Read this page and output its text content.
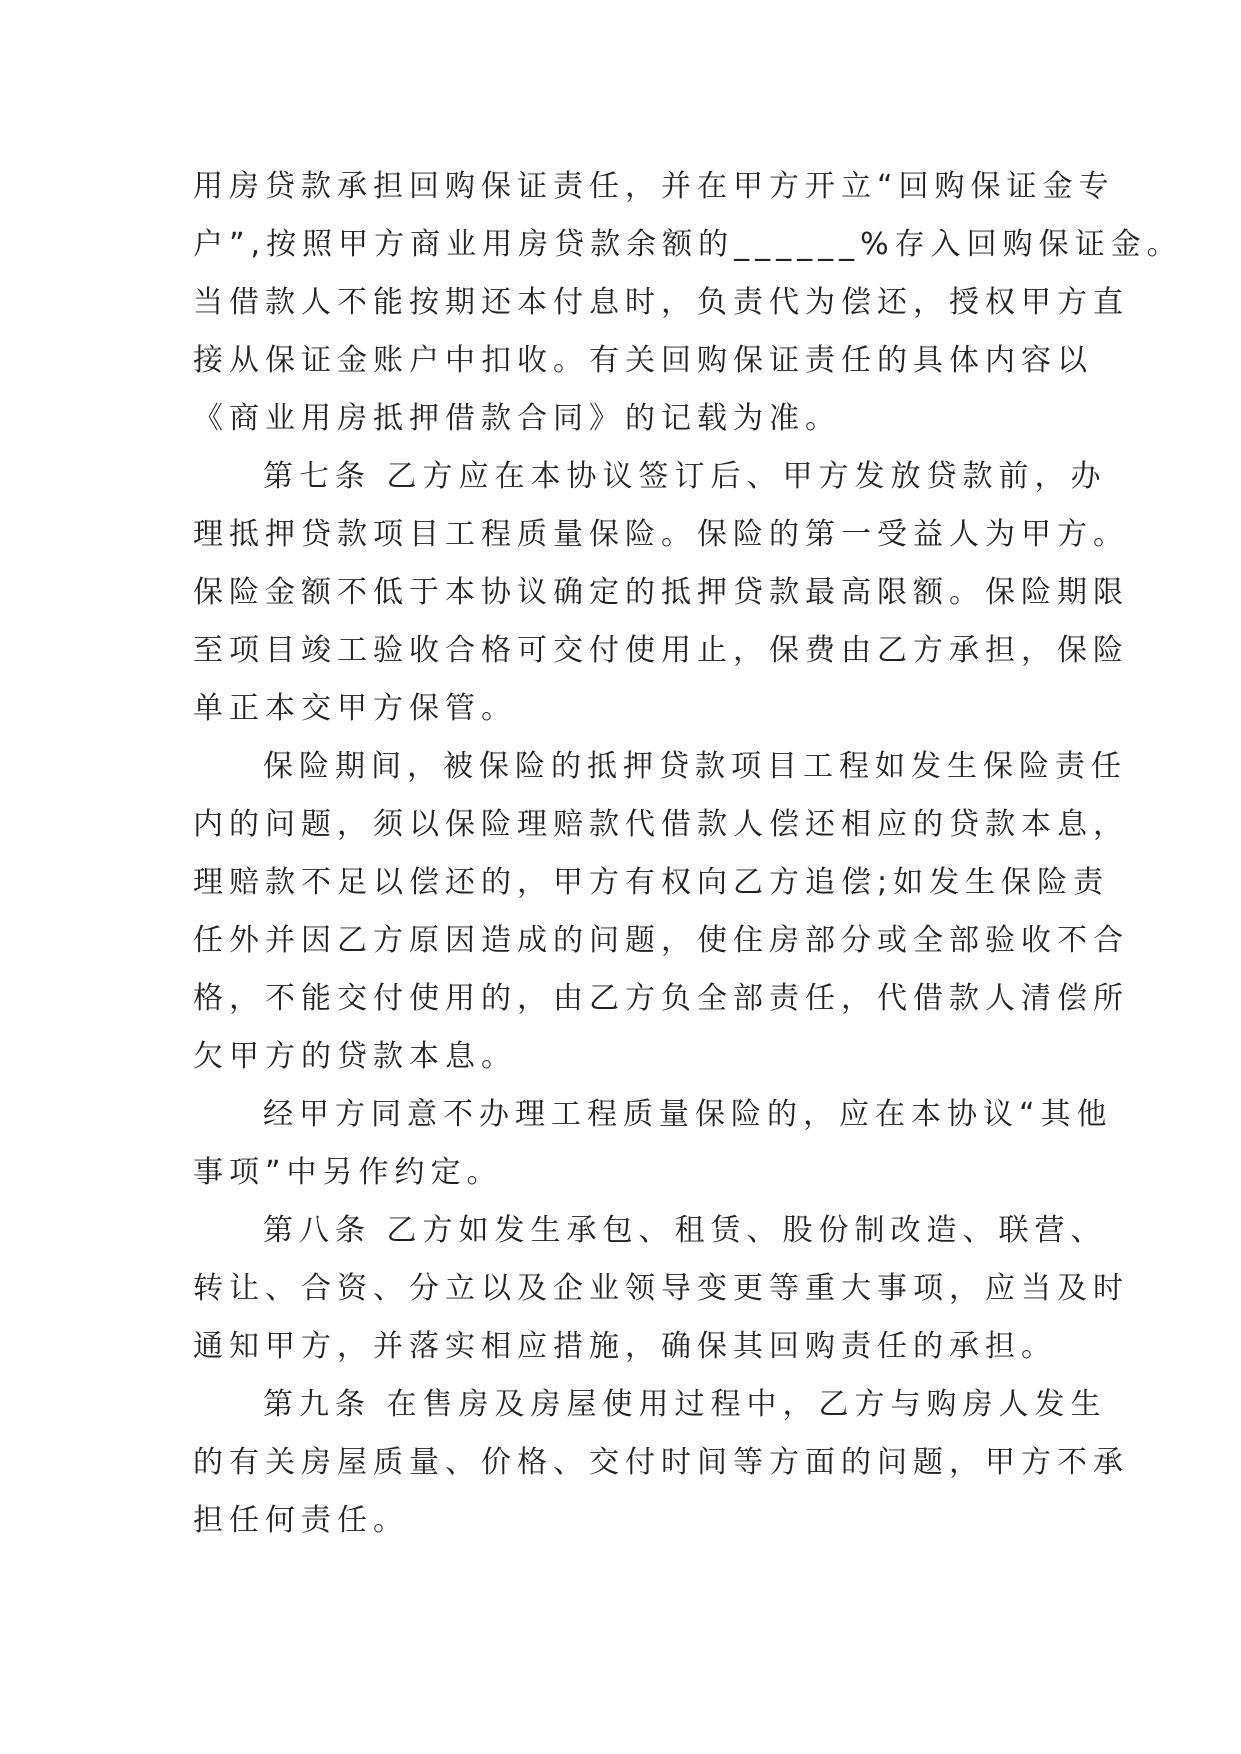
用房贷款承担回购保证责任，并在甲方开立“回购保证金专
户”,按照甲方商业用房贷款余额的______%存入回购保证金。
当借款人不能按期还本付息时，负责代为偿还，授权甲方直
接从保证金账户中扣收。有关回购保证责任的具体内容以
《商业用房抵押借款合同》的记载为准。
第七条 乙方应在本协议签订后、甲方发放贷款前，办
理抵押贷款项目工程质量保险。保险的第一受益人为甲方。
保险金额不低于本协议确定的抵押贷款最高限额。保险期限
至项目竣工验收合格可交付使用止，保费由乙方承担，保险
单正本交甲方保管。
保险期间，被保险的抵押贷款项目工程如发生保险责任
内的问题，须以保险理赔款代借款人偿还相应的贷款本息，
理赔款不足以偿还的，甲方有权向乙方追偿;如发生保险责
任外并因乙方原因造成的问题，使住房部分或全部验收不合
格，不能交付使用的，由乙方负全部责任，代借款人清偿所
欠甲方的贷款本息。
经甲方同意不办理工程质量保险的，应在本协议“其他
事项”中另作约定。
第八条 乙方如发生承包、租赁、股份制改造、联营、
转让、合资、分立以及企业领导变更等重大事项，应当及时
通知甲方，并落实相应措施，确保其回购责任的承担。
第九条 在售房及房屋使用过程中，乙方与购房人发生
的有关房屋质量、价格、交付时间等方面的问题，甲方不承
担任何责任。
